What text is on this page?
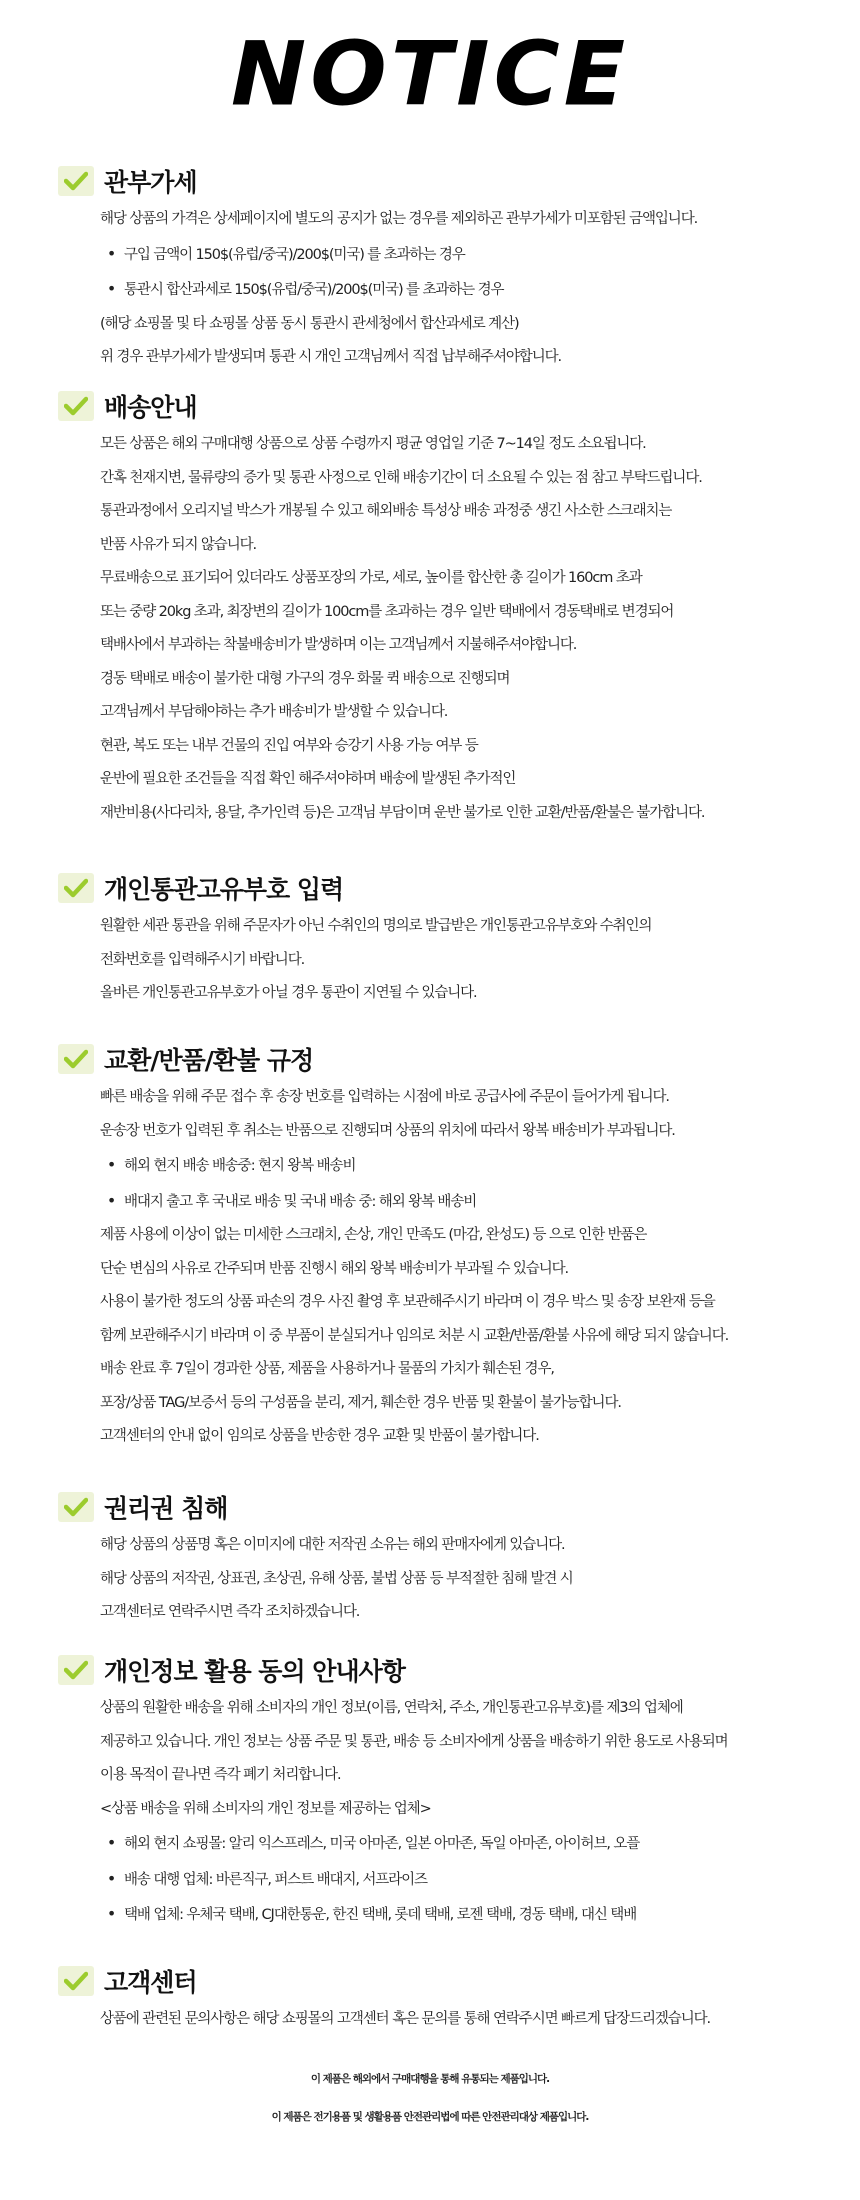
NOTICE
관부가세
해당 상품의 가격은 상세페이지에 별도의 공지가 없는 경우를 제외하곤 관부가세가 미포함된 금액입니다.
• 구입 금액이 150$(유럽/중국)/200$(미국) 를 초과하는 경우
• 통관시 합산과세로 150$(유럽/중국)/200$(미국) 를 초과하는 경우
(해당 쇼핑몰 및 타 쇼핑몰 상품 동시 통관시 관세청에서 합산과세로 계산)
위 경우 관부가세가 발생되며 통관 시 개인 고객님께서 직접 납부해주셔야합니다.
배송안내
모든 상품은 해외 구매대행 상품으로 상품 수령까지 평균 영업일 기준 7~14일 정도 소요됩니다.
간혹 천재지변, 물류량의 증가 및 통관 사정으로 인해 배송기간이 더 소요될 수 있는 점 참고 부탁드립니다.
통관과정에서 오리지널 박스가 개봉될 수 있고 해외배송 특성상 배송 과정중 생긴 사소한 스크래치는
반품 사유가 되지 않습니다.
무료배송으로 표기되어 있더라도 상품포장의 가로, 세로, 높이를 합산한 총 길이가 160cm 초과
또는 중량 20kg 초과, 최장변의 길이가 100cm를 초과하는 경우 일반 택배에서 경동택배로 변경되어
택배사에서 부과하는 착불배송비가 발생하며 이는 고객님께서 지불해주셔야합니다.
경동 택배로 배송이 불가한 대형 가구의 경우 화물 퀵 배송으로 진행되며
고객님께서 부담해야하는 추가 배송비가 발생할 수 있습니다.
현관, 복도 또는 내부 건물의 진입 여부와 승강기 사용 가능 여부 등
운반에 필요한 조건들을 직접 확인 해주셔야하며 배송에 발생된 추가적인
재반비용(사다리차, 용달, 추가인력 등)은 고객님 부담이며 운반 불가로 인한 교환/반품/환불은 불가합니다.
개인통관고유부호 입력
원활한 세관 통관을 위해 주문자가 아닌 수취인의 명의로 발급받은 개인통관고유부호와 수취인의
전화번호를 입력해주시기 바랍니다.
올바른 개인통관고유부호가 아닐 경우 통관이 지연될 수 있습니다.
교환/반품/환불 규정
빠른 배송을 위해 주문 접수 후 송장 번호를 입력하는 시점에 바로 공급사에 주문이 들어가게 됩니다.
운송장 번호가 입력된 후 취소는 반품으로 진행되며 상품의 위치에 따라서 왕복 배송비가 부과됩니다.
• 해외 현지 배송 배송중: 현지 왕복 배송비
• 배대지 출고 후 국내로 배송 및 국내 배송 중: 해외 왕복 배송비
제품 사용에 이상이 없는 미세한 스크래치, 손상, 개인 만족도 (마감, 완성도) 등 으로 인한 반품은
단순 변심의 사유로 간주되며 반품 진행시 해외 왕복 배송비가 부과될 수 있습니다.
사용이 불가한 정도의 상품 파손의 경우 사진 촬영 후 보관해주시기 바라며 이 경우 박스 및 송장 보완재 등을
함께 보관해주시기 바라며 이 중 부품이 분실되거나 임의로 처분 시 교환/반품/환불 사유에 해당 되지 않습니다.
배송 완료 후 7일이 경과한 상품, 제품을 사용하거나 물품의 가치가 훼손된 경우,
포장/상품 TAG/보증서 등의 구성품을 분리, 제거, 훼손한 경우 반품 및 환불이 불가능합니다.
고객센터의 안내 없이 임의로 상품을 반송한 경우 교환 및 반품이 불가합니다.
권리권 침해
해당 상품의 상품명 혹은 이미지에 대한 저작권 소유는 해외 판매자에게 있습니다.
해당 상품의 저작권, 상표권, 초상권, 유해 상품, 불법 상품 등 부적절한 침해 발견 시
고객센터로 연락주시면 즉각 조치하겠습니다.
개인정보 활용 동의 안내사항
상품의 원활한 배송을 위해 소비자의 개인 정보(이름, 연락처, 주소, 개인통관고유부호)를 제3의 업체에
제공하고 있습니다. 개인 정보는 상품 주문 및 통관, 배송 등 소비자에게 상품을 배송하기 위한 용도로 사용되며
이용 목적이 끝나면 즉각 폐기 처리합니다.
<상품 배송을 위해 소비자의 개인 정보를 제공하는 업체>
• 해외 현지 쇼핑몰: 알리 익스프레스, 미국 아마존, 일본 아마존, 독일 아마존, 아이허브, 오플
• 배송 대행 업체: 바른직구, 퍼스트 배대지, 서프라이즈
• 택배 업체: 우체국 택배, CJ대한통운, 한진 택배, 롯데 택배, 로젠 택배, 경동 택배, 대신 택배
고객센터
상품에 관련된 문의사항은 해당 쇼핑몰의 고객센터 혹은 문의를 통해 연락주시면 빠르게 답장드리겠습니다.
이 제품은 해외에서 구매대행을 통해 유통되는 제품입니다.
이 제품은 전기용품 및 생활용품 안전관리법에 따른 안전관리대상 제품입니다.
